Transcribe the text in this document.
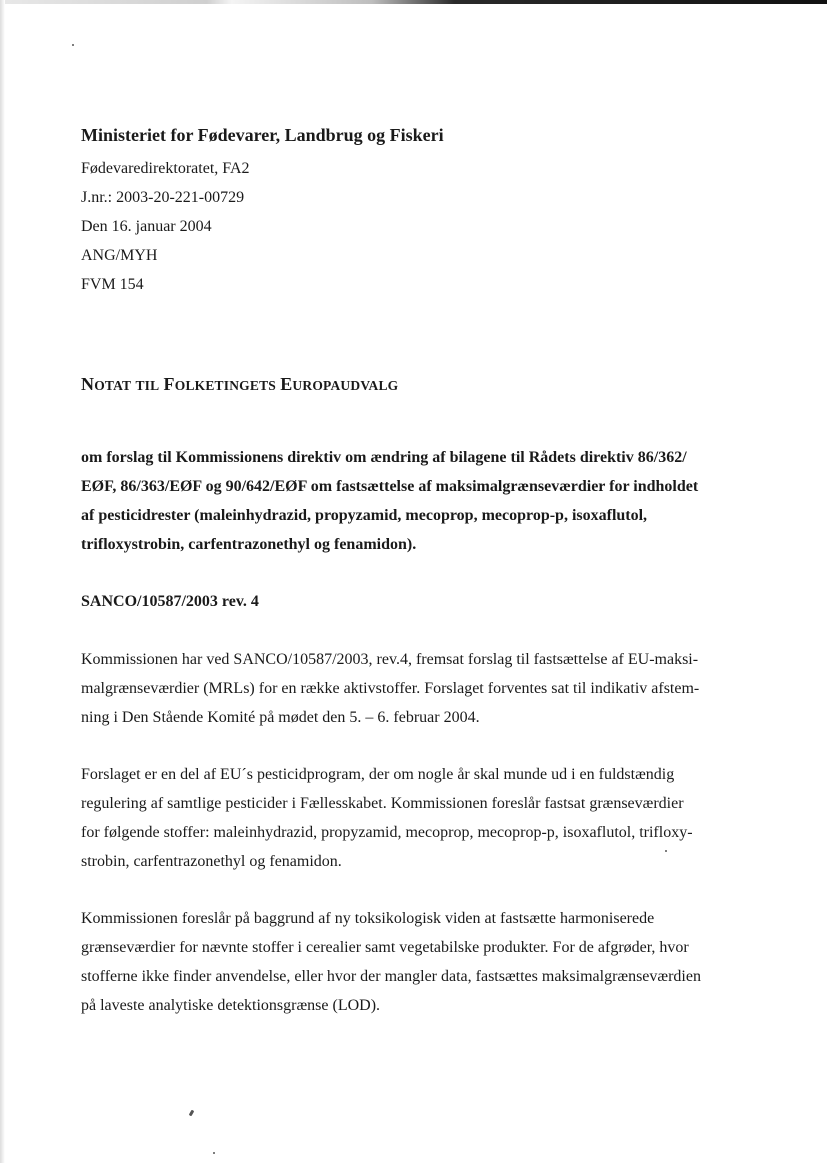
Ministeriet for Fødevarer, Landbrug og Fiskeri

Fødevaredirektoratet, FA2

J.nr.: 2003-20-221-00729

Den 16. januar 2004

ANG/MYH

FVM 154

NOTAT TIL FOLKETINGETS EUROPAUDVALG

om forslag til Kommissionens direktiv om ændring af bilagene til Rådets direktiv 86/362/

EØF, 86/363/EØF og 90/642/EØF om fastsættelse af maksimalgrænseværdier for indholdet

af pesticidrester (maleinhydrazid, propyzamid, mecoprop, mecoprop-p, isoxaflutol,

trifloxystrobin, carfentrazonethyl og fenamidon).

SANCO/10587/2003 rev. 4

Kommissionen har ved SANCO/10587/2003, rev.4, fremsat forslag til fastsættelse af EU-maksi-

malgrænseværdier (MRLs) for en række aktivstoffer. Forslaget forventes sat til indikativ afstem-

ning i Den Stående Komité på mødet den 5. – 6. februar 2004.

Forslaget er en del af EU´s pesticidprogram, der om nogle år skal munde ud i en fuldstændig

regulering af samtlige pesticider i Fællesskabet. Kommissionen foreslår fastsat grænseværdier

for følgende stoffer: maleinhydrazid, propyzamid, mecoprop, mecoprop-p, isoxaflutol, trifloxy-

strobin, carfentrazonethyl og fenamidon.

Kommissionen foreslår på baggrund af ny toksikologisk viden at fastsætte harmoniserede

grænseværdier for nævnte stoffer i cerealier samt vegetabilske produkter. For de afgrøder, hvor

stofferne ikke finder anvendelse, eller hvor der mangler data, fastsættes maksimalgrænseværdien

på laveste analytiske detektionsgrænse (LOD).
